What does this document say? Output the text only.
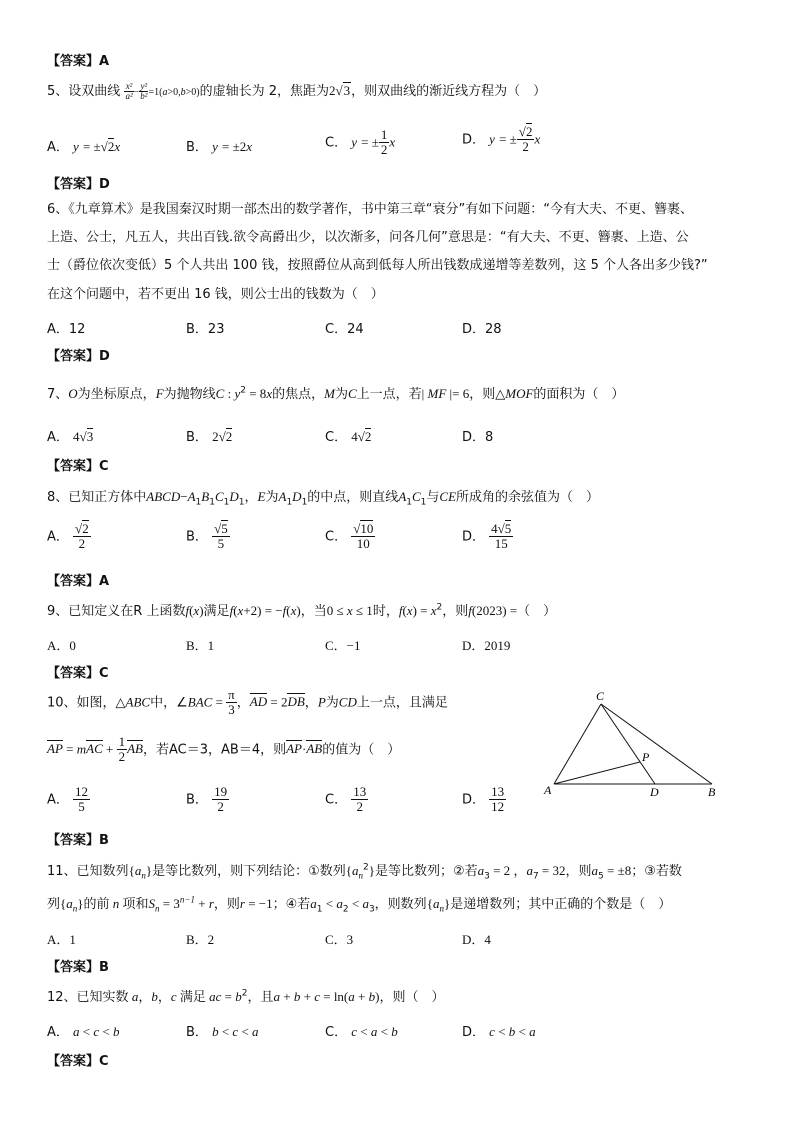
【答案】A
5、设双曲线 $\frac{\text{x²}}{\text{a²}} - \frac{\text{y²}}{\text{b²}} =1(a>0,b>0)$的虚轴长为 2，焦距为2√3，则双曲线的渐近线方程为（　）
A． y = ±√2x	B． y = ±2x	C． y = ± $\frac{1}{2}$ x	D． y = ± $\frac{√2}{2}$ x
【答案】D
6、《九章算术》是我国秦汉时期一部杰出的数学著作，书中第三章“衰分”有如下问题：“今有大夫、不更、簪裹、
上造、公士，凡五人，共出百钱.欲令高爵出少，以次渐多，问各几何”意思是：“有大夫、不更、簪裹、上造、公
士（爵位依次变低）5 个人共出 100 钱，按照爵位从高到低每人所出钱数成递增等差数列，这 5 个人各出多少钱?”
在这个问题中，若不更出 16 钱，则公士出的钱数为（　）
A．12	B．23	C．24	D．28
【答案】D
7、O为坐标原点，F为抛物线C : $y^2 = 8x$的焦点，M为C上一点，若| MF |= 6，则△MOF的面积为（　）
A． 4√3	B． 2√2	C． 4√2	D．8
【答案】C
8、已知正方体中$ABCD-A_1B_1C_1D_1$，E为$A_1D_1$的中点，则直线$A_1C_1$与CE所成角的余弦值为（　）
A． $\frac{√2}{2}$	B． $\frac{√5}{5}$	C． $\frac{√10}{10}$	D． $\frac{4√5}{15}$
【答案】A
9、已知定义在R 上函数f(x)满足f(x+2) = −f(x)，当0 ≤ x ≤ 1时，$f(x) = x^2$，则f(2023) =（　）
A．0	B．1	C．−1	D．2019
【答案】C
10、如图，△ABC中，∠BAC = $\frac{\pi}{3}$ ，AD = 2DB，P为CD上一点，且满足
AP = mAC + $\frac{1}{2}$ AB，若AC＝3，AB＝4，则AP·AB的值为（　）
A． $\frac{12}{5}$	B． $\frac{19}{2}$	C． $\frac{13}{2}$	D． $\frac{13}{12}$
【答案】B
C
P
A	D	B
11、已知数列$\{a_n\}$是等比数列，则下列结论：①数列$\{a_n^2\}$是等比数列；②若$a_3 = 2$ ，$a_7 = 32$，则$a_5 = \pm 8$；③若数
列$\{a_n\}$的前 n 项和$S_n = 3^{n-1} + r$，则r = −1；④若$a_1 < a_2 < a_3$，则数列$\{a_n\}$是递增数列；其中正确的个数是（　）
A．1	B．2	C．3	D．4
【答案】B
12、已知实数 a，b，c 满足 ac = $b^2$，且a + b + c = ln(a + b)，则（　）
A． a < c < b	B． b < c < a	C． c < a < b	D． c < b < a
【答案】C
